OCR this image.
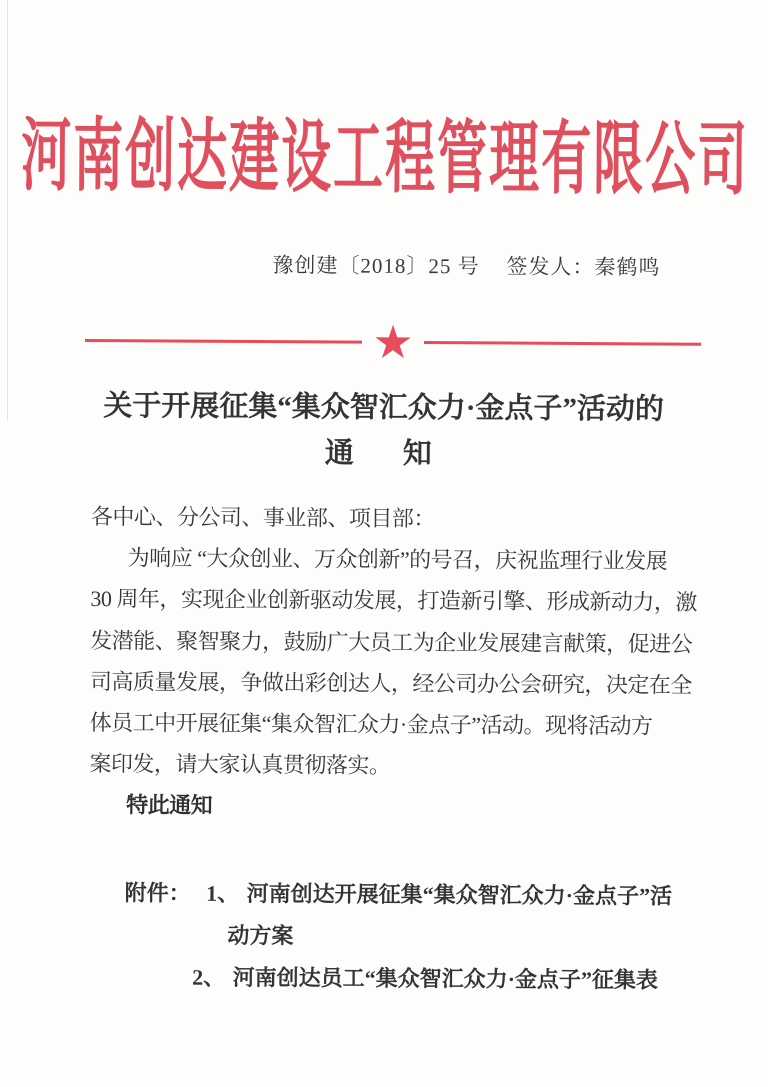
河南创达建设工程管理有限公司
豫创建〔2018〕25 号 签发人：秦鹤鸣
★
关于开展征集“集众智汇众力·金点子”活动的
通　知
各中心、分公司、事业部、项目部：
为响应 “大众创业、万众创新”的号召，庆祝监理行业发展
30 周年，实现企业创新驱动发展，打造新引擎、形成新动力，激
发潜能、聚智聚力，鼓励广大员工为企业发展建言献策，促进公
司高质量发展，争做出彩创达人，经公司办公会研究，决定在全
体员工中开展征集“集众智汇众力·金点子”活动。现将活动方
案印发，请大家认真贯彻落实。
特此通知
附件： 1、 河南创达开展征集“集众智汇众力·金点子”活
动方案
2、 河南创达员工“集众智汇众力·金点子”征集表
